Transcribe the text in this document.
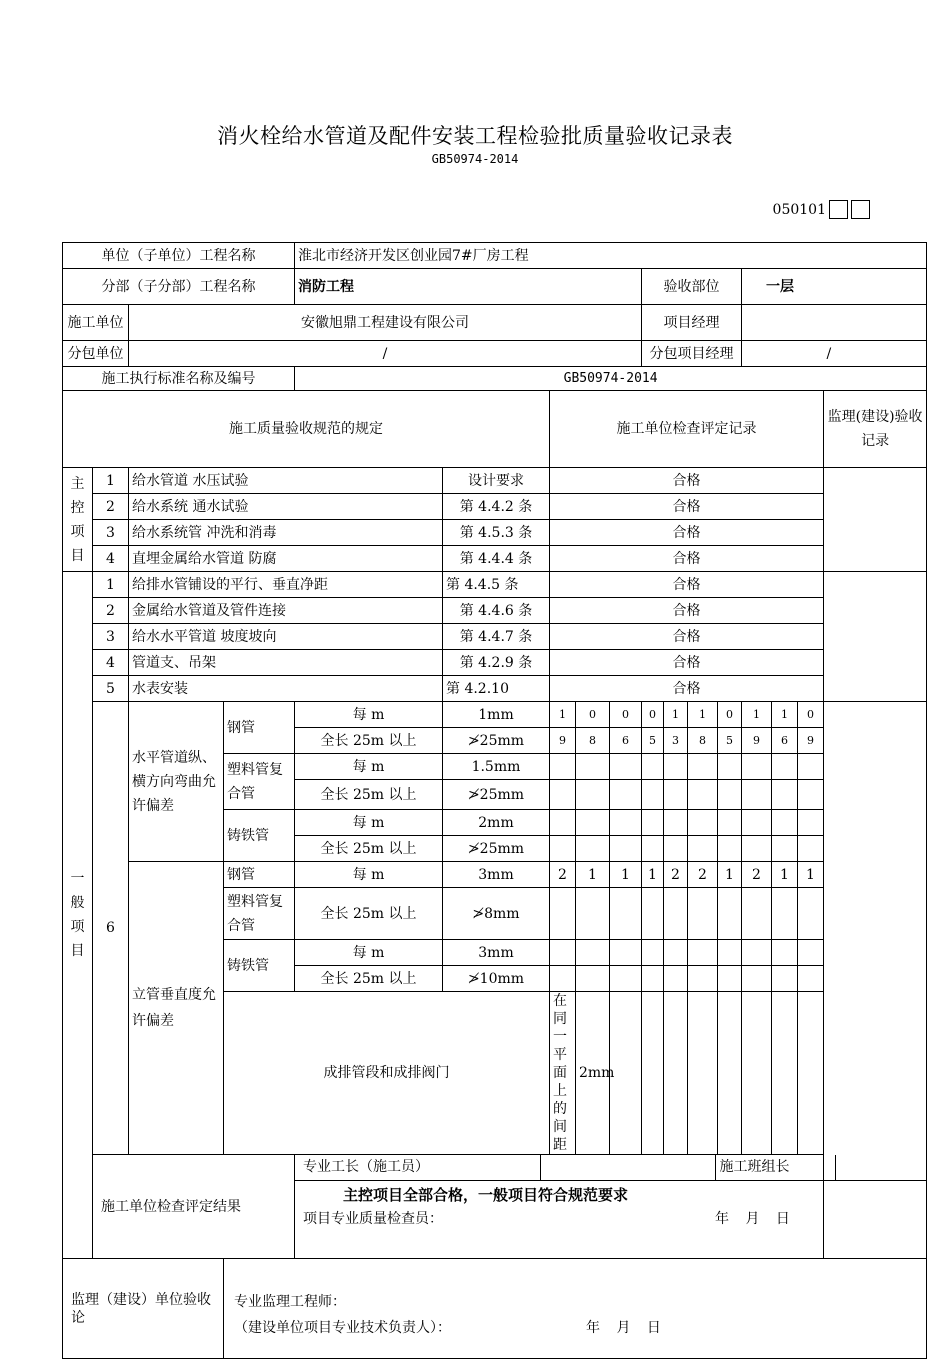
消火栓给水管道及配件安装工程检验批质量验收记录表
GB50974-2014
050101
单位（子单位）工程名称	淮北市经济开发区创业园7#厂房工程
分部（子分部）工程名称	消防工程	验收部位	一层
施工单位	安徽旭鼎工程建设有限公司	项目经理	
分包单位	/	分包项目经理	/
施工执行标准名称及编号	GB50974-2014
施工质量验收规范的规定	施工单位检查评定记录	监理(建设)验收记录
主控项目	1	给水管道 水压试验	设计要求	合格	
2	给水系统 通水试验	第 4.4.2 条	合格
3	给水系统管 冲洗和消毒	第 4.5.3 条	合格
4	直埋金属给水管道 防腐	第 4.4.4 条	合格
一般项目	1	给排水管铺设的平行、垂直净距	第 4.4.5 条	合格	
2	金属给水管道及管件连接	第 4.4.6 条	合格
3	给水水平管道 坡度坡向	第 4.4.7 条	合格
4	管道支、吊架	第 4.2.9 条	合格
5	水表安装	第 4.2.10	合格
6	水平管道纵、横方向弯曲允许偏差	钢管	每 m	1mm	1	0	0	0	1	1	0	1	1	0	
全长 25m 以上	≯25mm	9	8	6	5	3	8	5	9	6	9
塑料管复合管	每 m	1.5mm										
全长 25m 以上	≯25mm										
铸铁管	每 m	2mm										
全长 25m 以上	≯25mm										
立管垂直度允许偏差	钢管	每 m	3mm	2	1	1	1	2	2	1	2	1	1
塑料管复合管	全长 25m 以上	≯8mm										
铸铁管	每 m	3mm										
全长 25m 以上	≯10mm										
成排管段和成排阀门	在同一平面上的间距	2mm										
施工单位检查评定结果	
专业工长（施工员）		施工班组长	
主控项目全部合格，一般项目符合规范要求
项目专业质量检查员：	年 月 日

监理（建设）单位验收论	
专业监理工程师：
（建设单位项目专业技术负责人）：	年 月 日
